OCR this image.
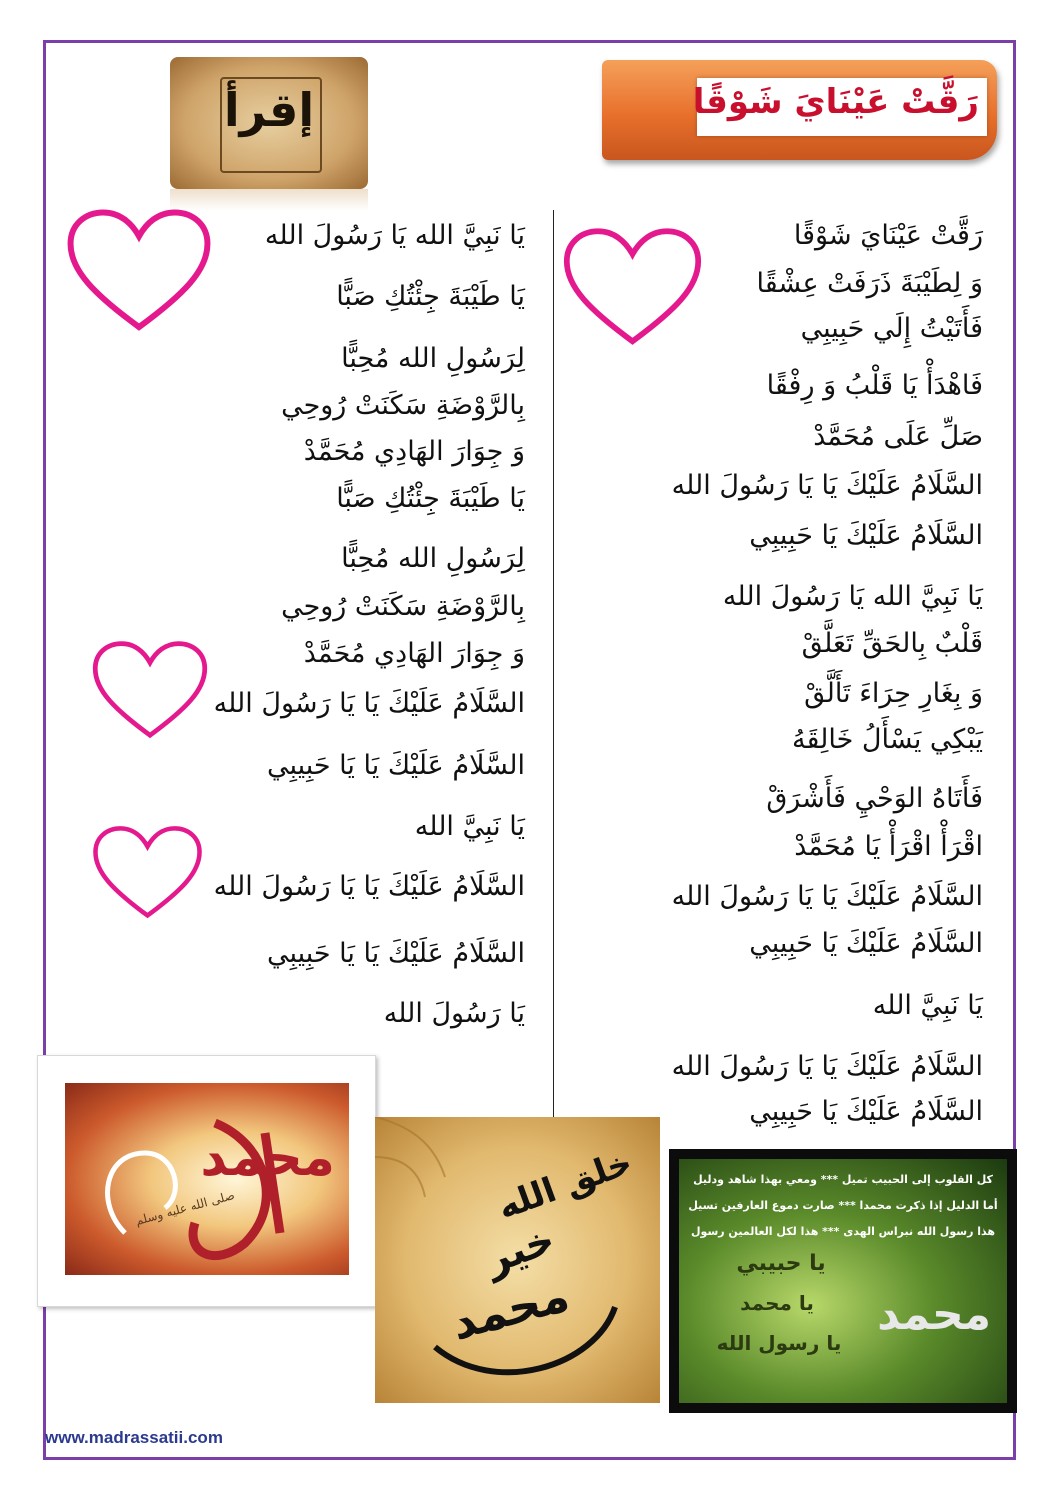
رَقَّتْ عَيْنَايَ شَوْقًا
إقرأ
رَقَّتْ عَيْنَايَ شَوْقًا
وَ لِطَيْبَةَ ذَرَفَتْ عِشْقًا
فَأَتَيْتُ إِلَي حَبِيبِي
فَاهْدَأْ يَا قَلْبُ وَ رِفْقًا
صَلِّ عَلَى مُحَمَّدْ
السَّلَامُ عَلَيْكَ يَا يَا رَسُولَ الله
السَّلَامُ عَلَيْكَ يَا حَبِيبِي
يَا نَبِيَّ الله يَا رَسُولَ الله
قَلْبٌ بِالحَقِّ تَعَلَّقْ
وَ بِغَارِ حِرَاءَ تَأَلَّقْ
يَبْكِي يَسْأَلُ خَالِقَهُ
فَأَتَاهُ الوَحْيِ فَأَشْرَقْ
اقْرَأْ اقْرَأْ يَا مُحَمَّدْ
السَّلَامُ عَلَيْكَ يَا يَا رَسُولَ الله
السَّلَامُ عَلَيْكَ يَا حَبِيبِي
يَا نَبِيَّ الله
السَّلَامُ عَلَيْكَ يَا يَا رَسُولَ الله
السَّلَامُ عَلَيْكَ يَا حَبِيبِي
يَا نَبِيَّ الله يَا رَسُولَ الله
يَا طَيْبَةَ جِئْتُكِ صَبًّا
لِرَسُولِ الله مُحِبًّا
بِالرَّوْضَةِ سَكَنَتْ رُوحِي
وَ جِوَارَ الهَادِي مُحَمَّدْ
يَا طَيْبَةَ جِئْتُكِ صَبًّا
لِرَسُولِ الله مُحِبًّا
بِالرَّوْضَةِ سَكَنَتْ رُوحِي
وَ جِوَارَ الهَادِي مُحَمَّدْ
السَّلَامُ عَلَيْكَ يَا يَا رَسُولَ الله
السَّلَامُ عَلَيْكَ يَا يَا حَبِيبِي
يَا نَبِيَّ الله
السَّلَامُ عَلَيْكَ يَا يَا رَسُولَ الله
السَّلَامُ عَلَيْكَ يَا يَا حَبِيبِي
يَا رَسُولَ الله
محمد
صلى الله عليه وسلم	خلق الله
خير
محمد
كل القلوب إلى الحبيب تميل *** ومعي بهذا شاهد ودليل
أما الدليل إذا ذكرت محمدا *** صارت دموع العارفين تسيل
هذا رسول الله نبراس الهدى *** هذا لكل العالمين رسول
يا حبيبي
يا محمد
يا رسول الله
محمد
www.madrassatii.com
